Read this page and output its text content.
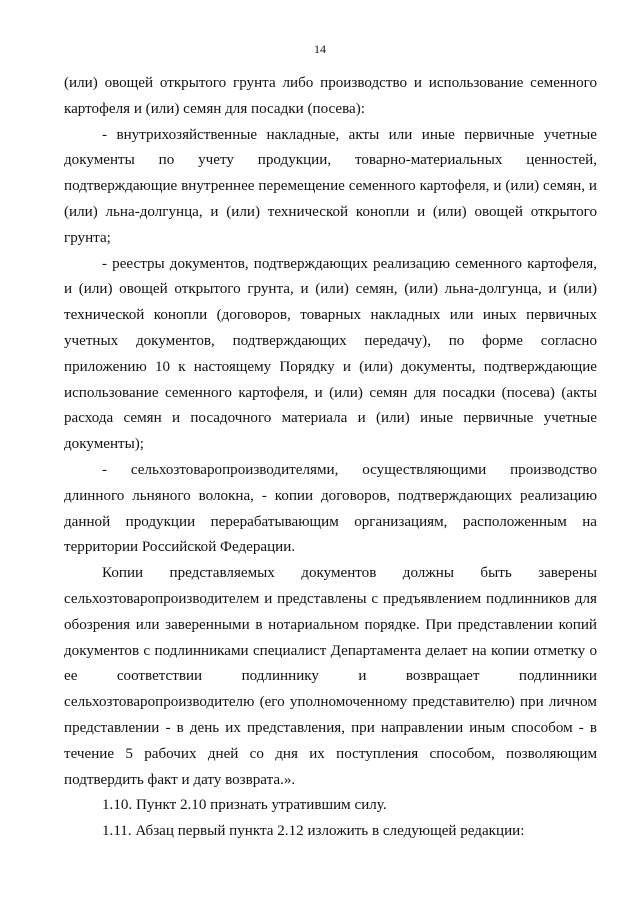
14

(или) овощей открытого грунта либо производство и использование семенного картофеля и (или) семян для посадки (посева):

- внутрихозяйственные накладные, акты или иные первичные учетные документы по учету продукции, товарно-материальных ценностей, подтверждающие внутреннее перемещение семенного картофеля, и (или) семян, и (или) льна-долгунца, и (или) технической конопли и (или) овощей открытого грунта;

- реестры документов, подтверждающих реализацию семенного картофеля, и (или) овощей открытого грунта, и (или) семян, (или) льна-долгунца, и (или) технической конопли (договоров, товарных накладных или иных первичных учетных документов, подтверждающих передачу), по форме согласно приложению 10 к настоящему Порядку и (или) документы, подтверждающие использование семенного картофеля, и (или) семян для посадки (посева) (акты расхода семян и посадочного материала и (или) иные первичные учетные документы);

- сельхозтоваропроизводителями, осуществляющими производство длинного льняного волокна, - копии договоров, подтверждающих реализацию данной продукции перерабатывающим организациям, расположенным на территории Российской Федерации.

Копии представляемых документов должны быть заверены сельхозтоваропроизводителем и представлены с предъявлением подлинников для обозрения или заверенными в нотариальном порядке. При представлении копий документов с подлинниками специалист Департамента делает на копии отметку о ее соответствии подлиннику и возвращает подлинники сельхозтоваропроизводителю (его уполномоченному представителю) при личном представлении - в день их представления, при направлении иным способом - в течение 5 рабочих дней со дня их поступления способом, позволяющим подтвердить факт и дату возврата.».

1.10. Пункт 2.10 признать утратившим силу.

1.11. Абзац первый пункта 2.12 изложить в следующей редакции:
